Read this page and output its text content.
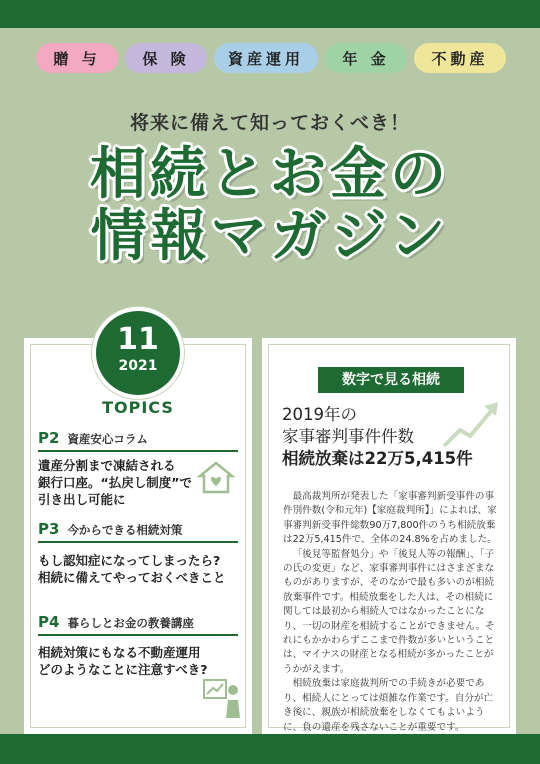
贈 与	保 険	資産運用	年 金	不動産
将来に備えて知っておくべき！
相続とお金の
情報マガジン
11
2021
TOPICS
P2 資産安心コラム
遺産分割まで凍結される
銀行口座。“払戻し制度”で
引き出し可能に
P3 今からできる相続対策
もし認知症になってしまったら?
相続に備えてやっておくべきこと
P4 暮らしとお金の教養講座
相続対策にもなる不動産運用
どのようなことに注意すべき?
数字で見る相続
2019年の
家事審判事件件数
相続放棄は22万5,415件

最高裁判所が発表した「家事審判新受事件の事件別件数(令和元年)【家庭裁判所】」によれば、家事審判新受事件総数90万7,800件のうち相続放棄は22万5,415件で、全体の24.8%を占めました。

「後見等監督処分」や「後見人等の報酬」、「子の氏の変更」など、家事審判事件にはさまざまなものがありますが、そのなかで最も多いのが相続放棄事件です。相続放棄をした人は、その相続に関しては最初から相続人ではなかったことになり、一切の財産を相続することができません。それにもかかわらずここまで件数が多いということは、マイナスの財産となる相続が多かったことがうかがえます。

相続放棄は家庭裁判所での手続きが必要であり、相続人にとっては煩雑な作業です。自分が亡き後に、親族が相続放棄をしなくてもよいように、負の遺産を残さないことが重要です。
